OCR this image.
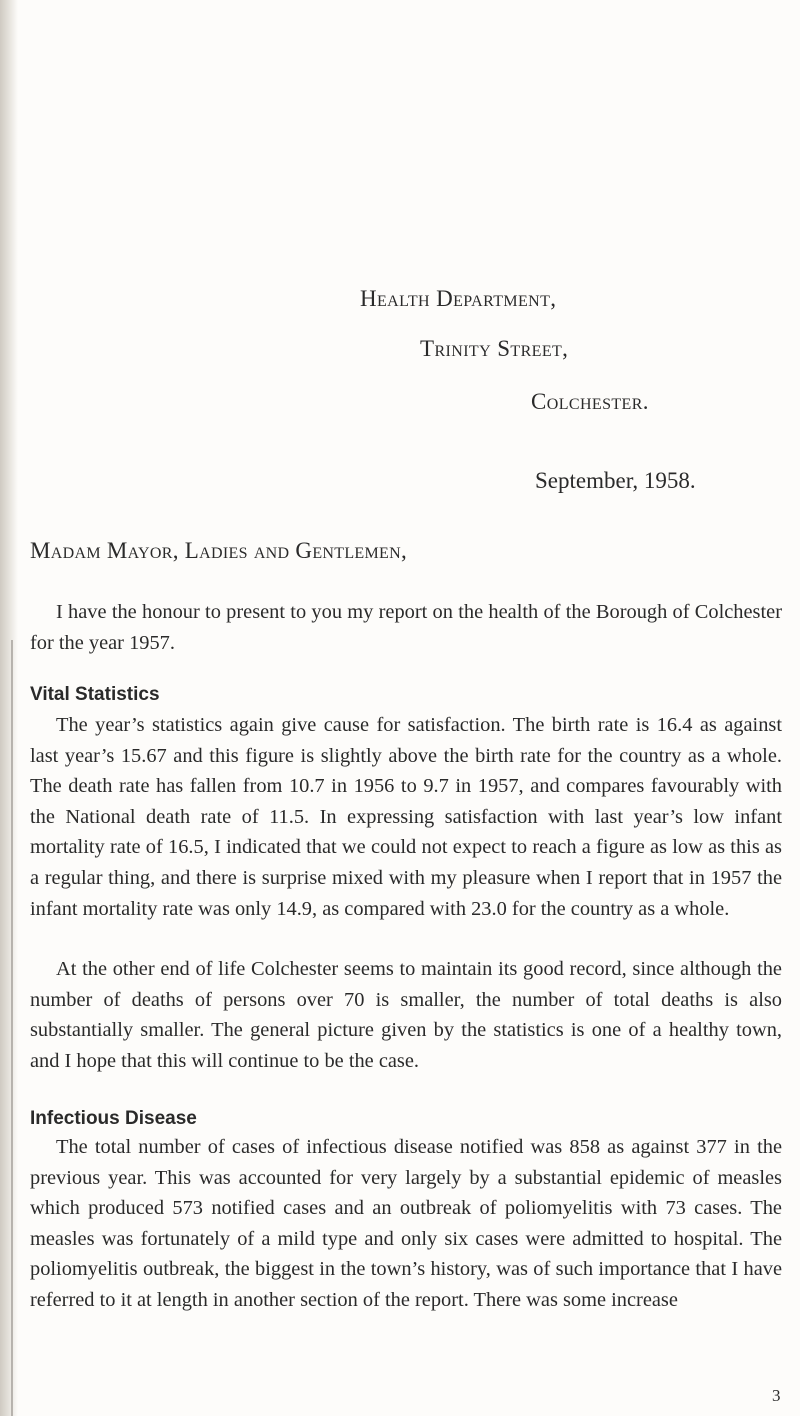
Health Department,
Trinity Street,
Colchester.
September, 1958.
Madam Mayor, Ladies and Gentlemen,

I have the honour to present to you my report on the health of the Borough of Colchester for the year 1957.

Vital Statistics

The year’s statistics again give cause for satisfaction. The birth rate is 16.4 as against last year’s 15.67 and this figure is slightly above the birth rate for the country as a whole. The death rate has fallen from 10.7 in 1956 to 9.7 in 1957, and compares favourably with the National death rate of 11.5. In expressing satisfaction with last year’s low infant mortality rate of 16.5, I indicated that we could not expect to reach a figure as low as this as a regular thing, and there is surprise mixed with my pleasure when I report that in 1957 the infant mortality rate was only 14.9, as compared with 23.0 for the country as a whole.

At the other end of life Colchester seems to maintain its good record, since although the number of deaths of persons over 70 is smaller, the number of total deaths is also substantially smaller. The general picture given by the statistics is one of a healthy town, and I hope that this will continue to be the case.

Infectious Disease

The total number of cases of infectious disease notified was 858 as against 377 in the previous year. This was accounted for very largely by a substantial epidemic of measles which produced 573 notified cases and an outbreak of poliomyelitis with 73 cases. The measles was fortunately of a mild type and only six cases were admitted to hospital. The poliomyelitis outbreak, the biggest in the town’s history, was of such importance that I have referred to it at length in another section of the report. There was some increase

3
